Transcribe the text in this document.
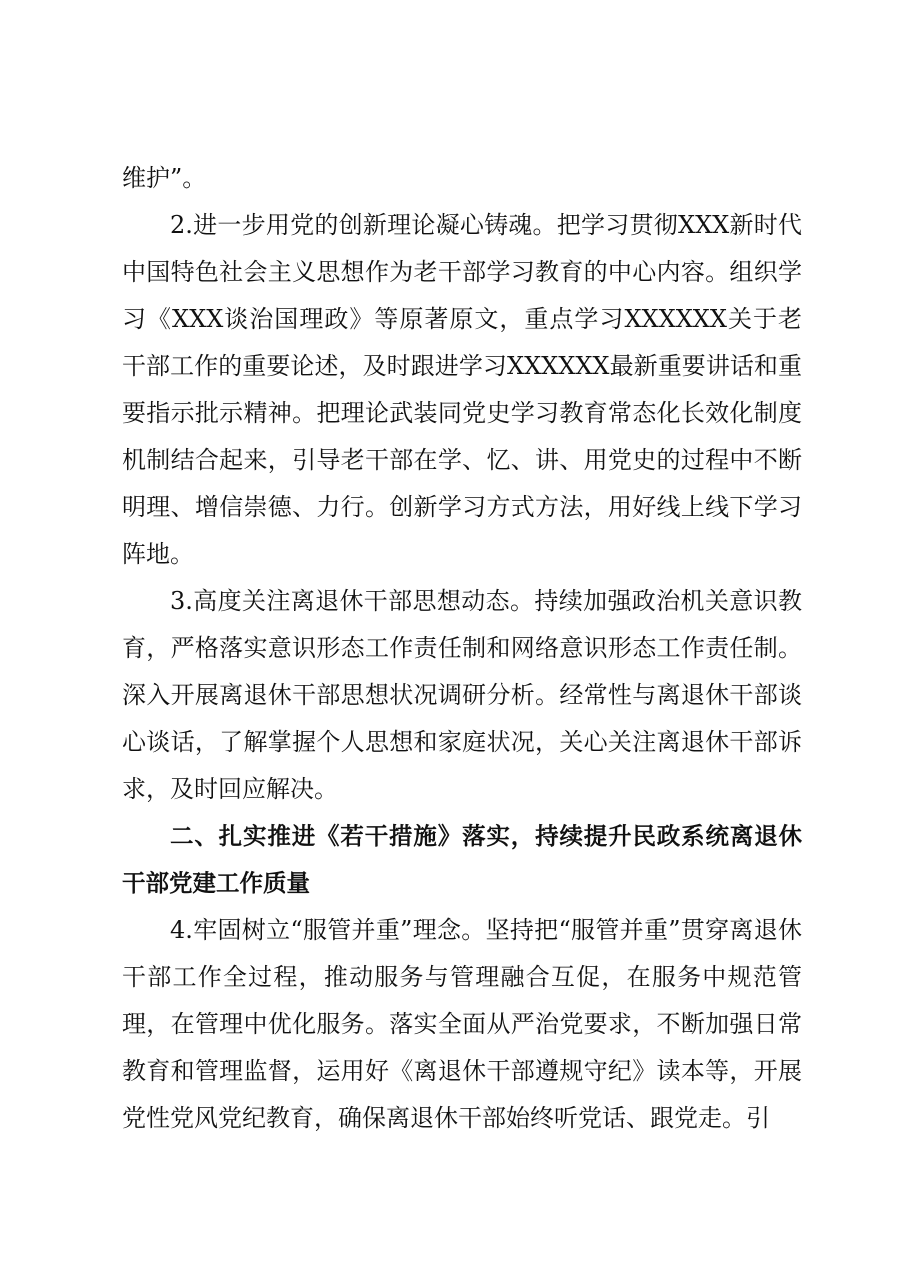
维护”。

2.进一步用党的创新理论凝心铸魂。把学习贯彻XXX新时代中国特色社会主义思想作为老干部学习教育的中心内容。组织学习《XXX谈治国理政》等原著原文，重点学习XXXXXX关于老干部工作的重要论述，及时跟进学习XXXXXX最新重要讲话和重要指示批示精神。把理论武装同党史学习教育常态化长效化制度机制结合起来，引导老干部在学、忆、讲、用党史的过程中不断明理、增信崇德、力行。创新学习方式方法，用好线上线下学习阵地。

3.高度关注离退休干部思想动态。持续加强政治机关意识教育，严格落实意识形态工作责任制和网络意识形态工作责任制。深入开展离退休干部思想状况调研分析。经常性与离退休干部谈心谈话，了解掌握个人思想和家庭状况，关心关注离退休干部诉求，及时回应解决。

二、扎实推进《若干措施》落实，持续提升民政系统离退休干部党建工作质量

4.牢固树立“服管并重”理念。坚持把“服管并重”贯穿离退休干部工作全过程，推动服务与管理融合互促，在服务中规范管理，在管理中优化服务。落实全面从严治党要求，不断加强日常教育和管理监督，运用好《离退休干部遵规守纪》读本等，开展党性党风党纪教育，确保离退休干部始终听党话、跟党走。引
